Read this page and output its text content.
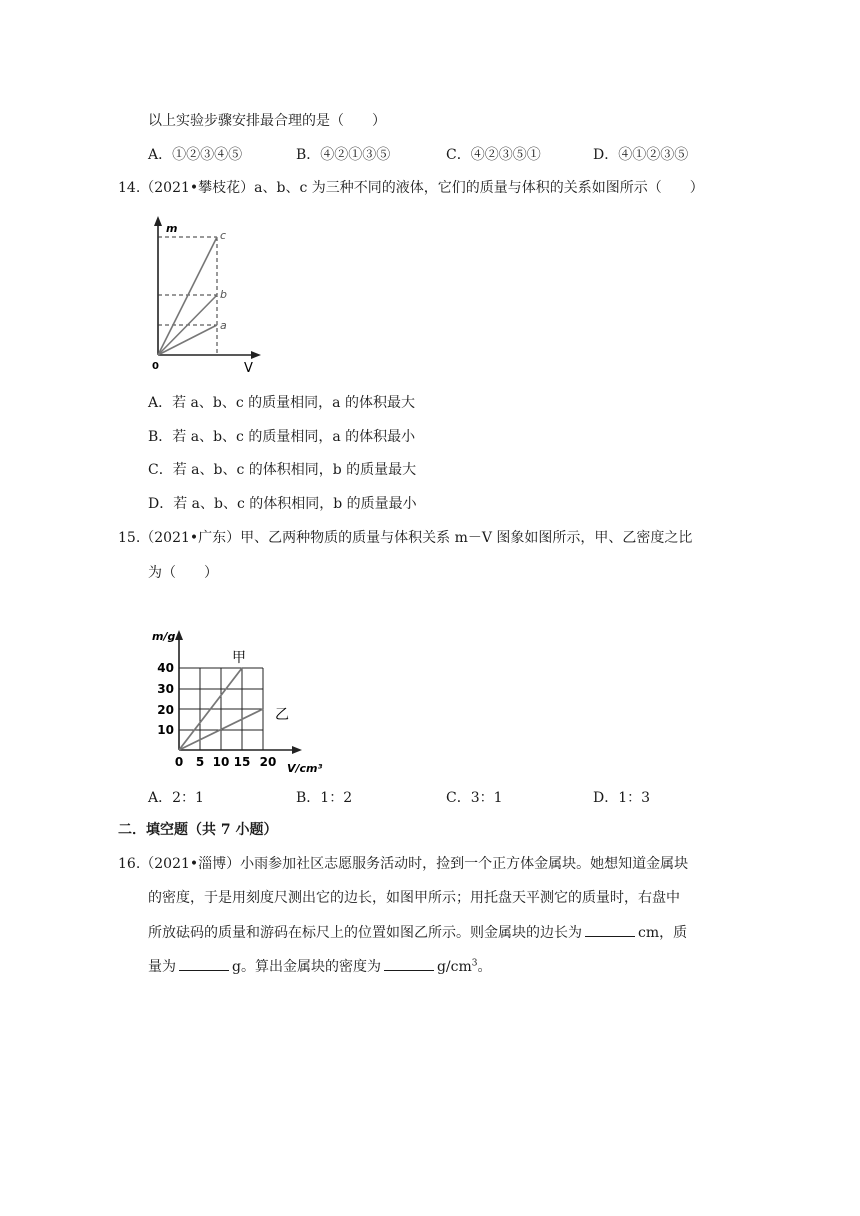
以上实验步骤安排最合理的是（　　）
A．①②③④⑤	B．④②①③⑤	C．④②③⑤①	D．④①②③⑤
14.（2021•攀枝花）a、b、c 为三种不同的液体，它们的质量与体积的关系如图所示（　　）
m
V
0
c
b
a
A．若 a、b、c 的质量相同，a 的体积最大
B．若 a、b、c 的质量相同，a 的体积最小
C．若 a、b、c 的体积相同，b 的质量最大
D．若 a、b、c 的体积相同，b 的质量最小
15.（2021•广东）甲、乙两种物质的质量与体积关系 m－V 图象如图所示，甲、乙密度之比
为（　　）
m/g
40
30
20
10
0 5 10 15 20 V/cm³
甲
乙
A．2：1	B．1：2	C．3：1	D．1：3
二．填空题（共 7 小题）
16.（2021•淄博）小雨参加社区志愿服务活动时，捡到一个正方体金属块。她想知道金属块
的密度，于是用刻度尺测出它的边长，如图甲所示；用托盘天平测它的质量时，右盘中
所放砝码的质量和游码在标尺上的位置如图乙所示。则金属块的边长为	cm，质
量为	g。算出金属块的密度为	$g/cm^3$。
